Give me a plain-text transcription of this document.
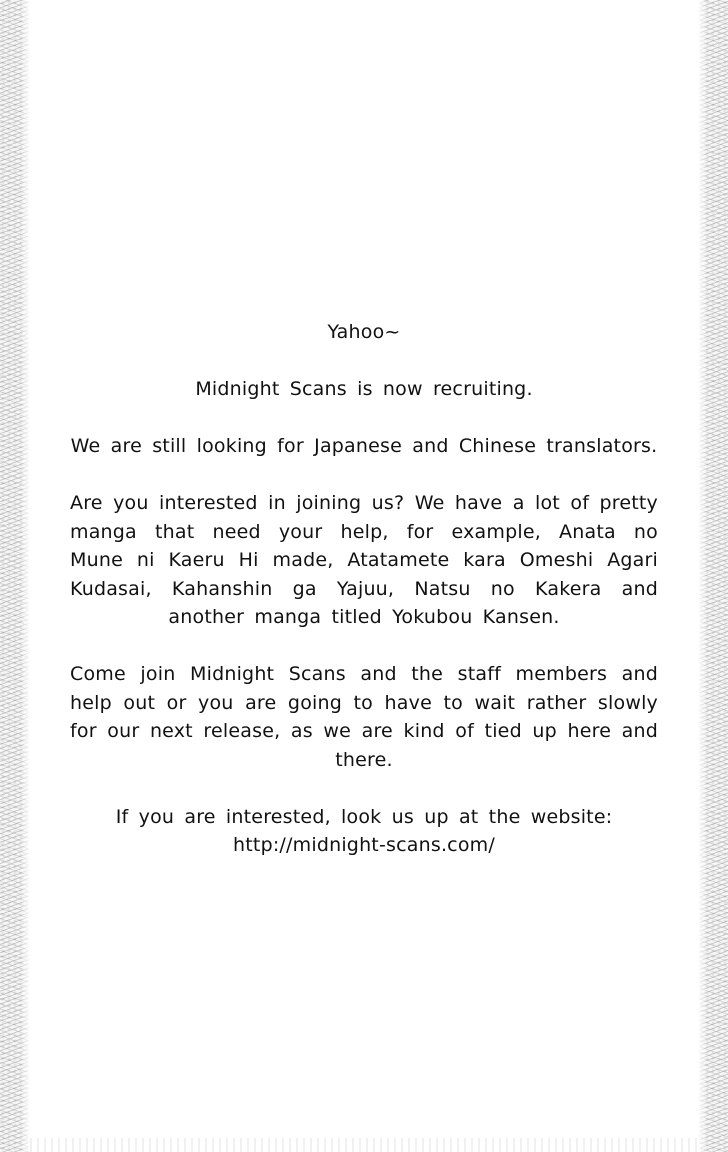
Yahoo~

Midnight Scans is now recruiting.

We are still looking for Japanese and Chinese translators.

Are you interested in joining us? We have a lot of pretty manga that need your help, for example, Anata no Mune ni Kaeru Hi made, Atatamete kara Omeshi Agari Kudasai, Kahanshin ga Yajuu, Natsu no Kakera and another manga titled Yokubou Kansen.

Come join Midnight Scans and the staff members and help out or you are going to have to wait rather slowly for our next release, as we are kind of tied up here and there.

If you are interested, look us up at the website:
http://midnight-scans.com/
